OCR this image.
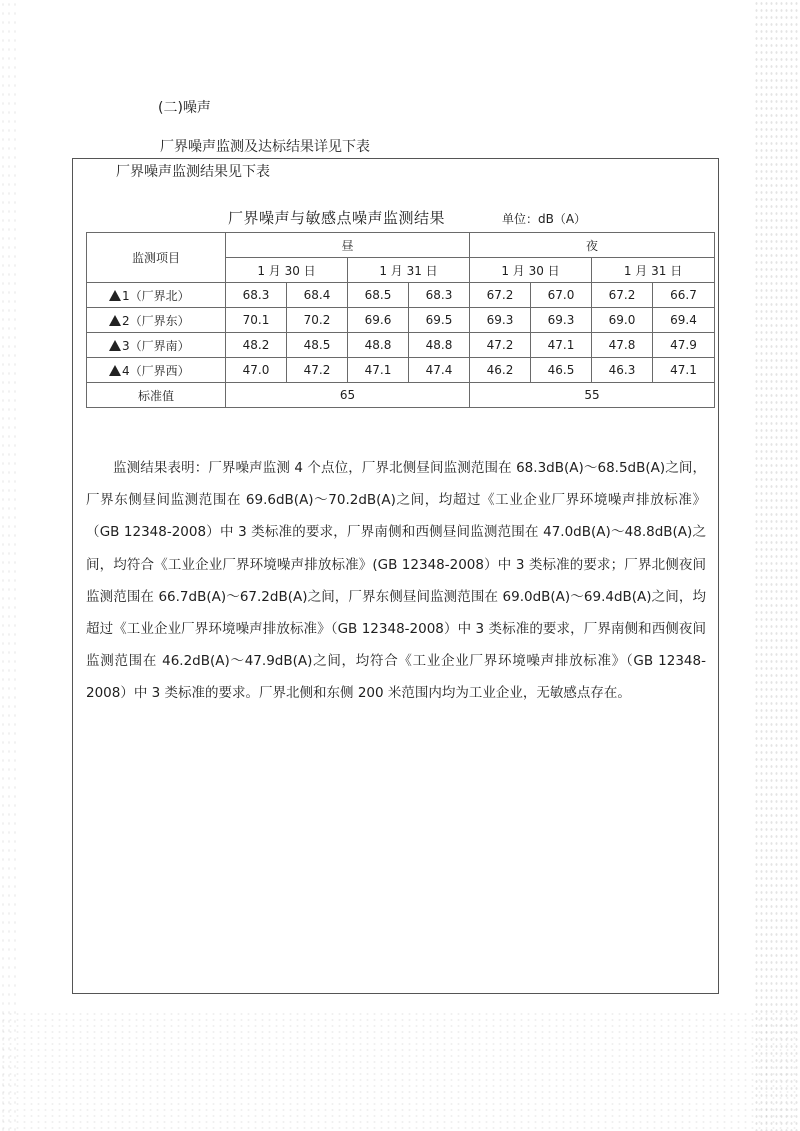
(二)噪声
厂界噪声监测及达标结果详见下表
厂界噪声监测结果见下表
厂界噪声与敏感点噪声监测结果	单位：dB（A）
监测项目	昼				夜			
	1 月 30 日		1 月 31 日		1 月 30 日		1 月 31 日	
1（厂界北）	68.3	68.4	68.5	68.3	67.2	67.0	67.2	66.7
2（厂界东）	70.1	70.2	69.6	69.5	69.3	69.3	69.0	69.4
3（厂界南）	48.2	48.5	48.8	48.8	47.2	47.1	47.8	47.9
4（厂界西）	47.0	47.2	47.1	47.4	46.2	46.5	46.3	47.1
标准值	65				55			
监测结果表明：厂界噪声监测 4 个点位，厂界北侧昼间监测范围在 68.3dB(A)～68.5dB(A)之间，厂界东侧昼间监测范围在 69.6dB(A)～70.2dB(A)之间，均超过《工业企业厂界环境噪声排放标准》（GB 12348-2008）中 3 类标准的要求，厂界南侧和西侧昼间监测范围在 47.0dB(A)～48.8dB(A)之间，均符合《工业企业厂界环境噪声排放标准》(GB 12348-2008）中 3 类标准的要求；厂界北侧夜间监测范围在 66.7dB(A)～67.2dB(A)之间，厂界东侧昼间监测范围在 69.0dB(A)～69.4dB(A)之间，均超过《工业企业厂界环境噪声排放标准》（GB 12348-2008）中 3 类标准的要求，厂界南侧和西侧夜间监测范围在 46.2dB(A)～47.9dB(A)之间，均符合《工业企业厂界环境噪声排放标准》（GB 12348-2008）中 3 类标准的要求。厂界北侧和东侧 200 米范围内均为工业企业，无敏感点存在。
